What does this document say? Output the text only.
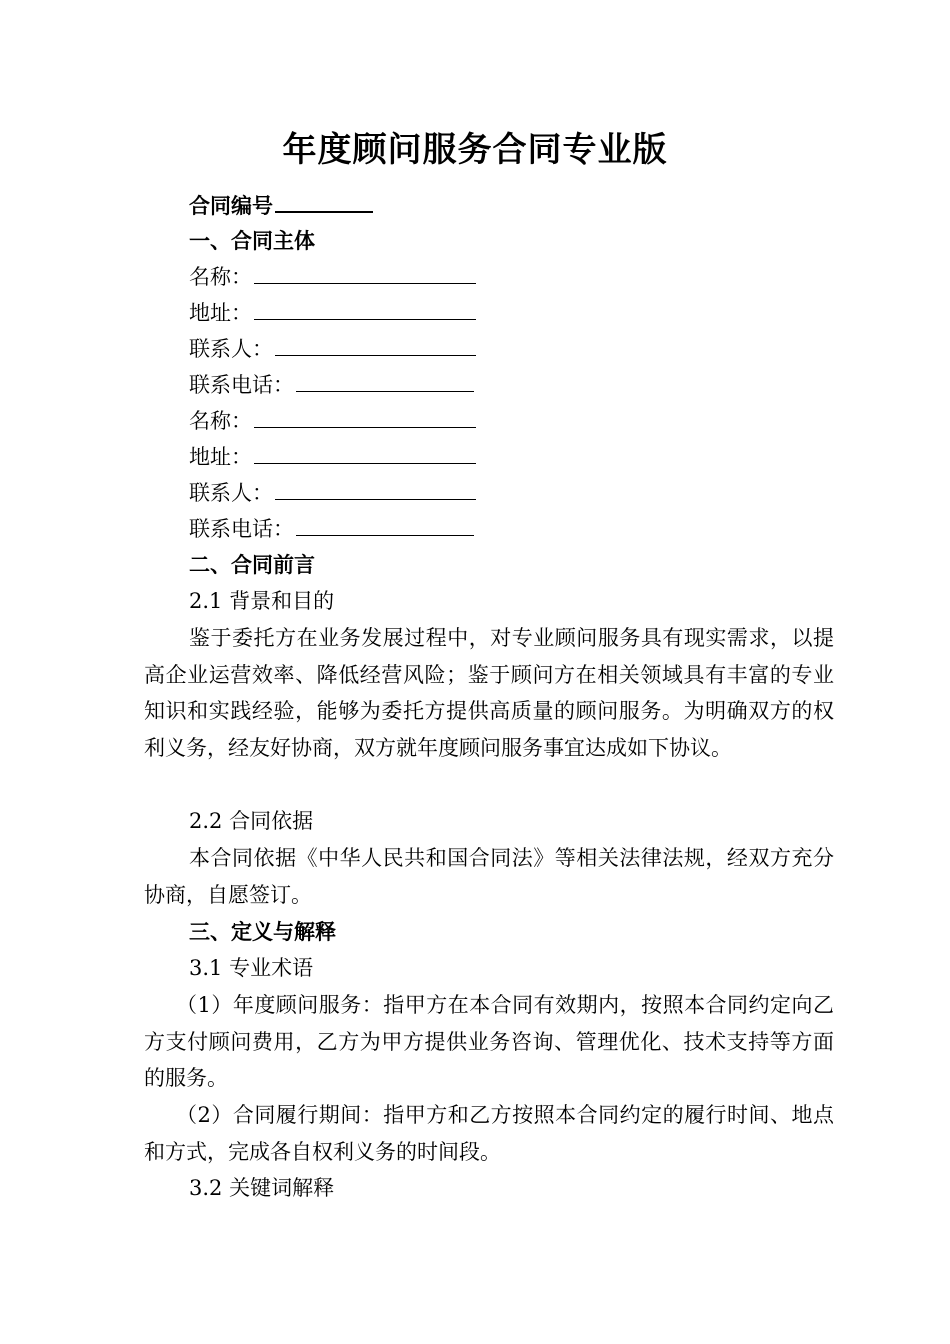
年度顾问服务合同专业版
合同编号
一、合同主体
名称：
地址：
联系人：
联系电话：
名称：
地址：
联系人：
联系电话：
二、合同前言
2.1 背景和目的
鉴于委托方在业务发展过程中，对专业顾问服务具有现实需求，以提高企业运营效率、降低经营风险；鉴于顾问方在相关领域具有丰富的专业知识和实践经验，能够为委托方提供高质量的顾问服务。为明确双方的权利义务，经友好协商，双方就年度顾问服务事宜达成如下协议。
2.2 合同依据
本合同依据《中华人民共和国合同法》等相关法律法规，经双方充分协商，自愿签订。
三、定义与解释
3.1 专业术语
（1）年度顾问服务：指甲方在本合同有效期内，按照本合同约定向乙方支付顾问费用，乙方为甲方提供业务咨询、管理优化、技术支持等方面的服务。
（2）合同履行期间：指甲方和乙方按照本合同约定的履行时间、地点和方式，完成各自权利义务的时间段。
3.2 关键词解释
